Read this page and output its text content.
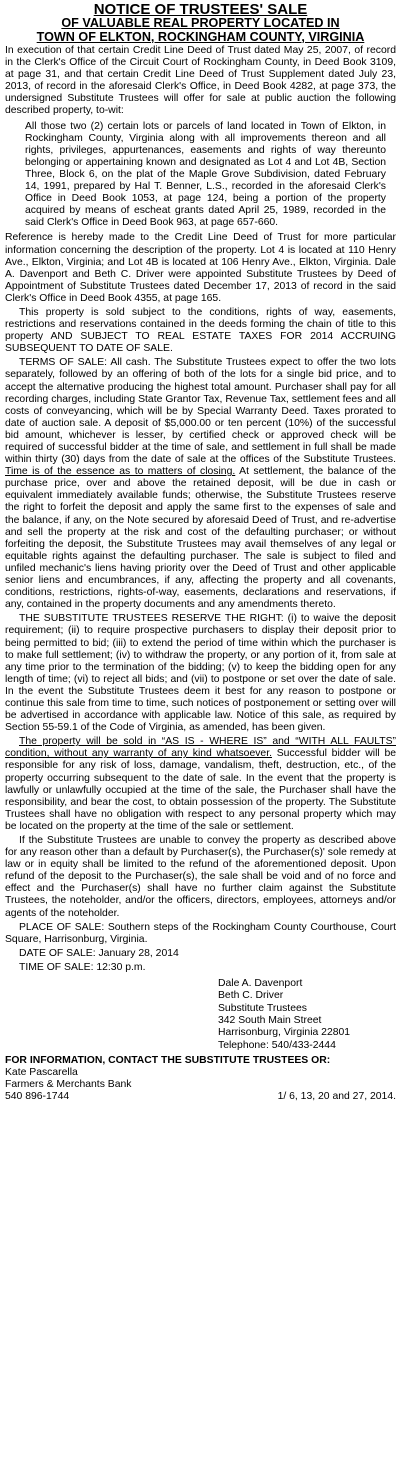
NOTICE OF TRUSTEES' SALE
OF VALUABLE REAL PROPERTY LOCATED IN
TOWN OF ELKTON, ROCKINGHAM COUNTY, VIRGINIA

In execution of that certain Credit Line Deed of Trust dated May 25, 2007, of record in the Clerk's Office of the Circuit Court of Rockingham County, in Deed Book 3109, at page 31, and that certain Credit Line Deed of Trust Supplement dated July 23, 2013, of record in the aforesaid Clerk's Office, in Deed Book 4282, at page 373, the undersigned Substitute Trustees will offer for sale at public auction the following described property, to-wit:

All those two (2) certain lots or parcels of land located in Town of Elkton, in Rockingham County, Virginia along with all improvements thereon and all rights, privileges, appurtenances, easements and rights of way thereunto belonging or appertaining known and designated as Lot 4 and Lot 4B, Section Three, Block 6, on the plat of the Maple Grove Subdivision, dated February 14, 1991, prepared by Hal T. Benner, L.S., recorded in the aforesaid Clerk's Office in Deed Book 1053, at page 124, being a portion of the property acquired by means of escheat grants dated April 25, 1989, recorded in the said Clerk's Office in Deed Book 963, at page 657-660.

Reference is hereby made to the Credit Line Deed of Trust for more particular information concerning the description of the property. Lot 4 is located at 110 Henry Ave., Elkton, Virginia; and Lot 4B is located at 106 Henry Ave., Elkton, Virginia. Dale A. Davenport and Beth C. Driver were appointed Substitute Trustees by Deed of Appointment of Substitute Trustees dated December 17, 2013 of record in the said Clerk's Office in Deed Book 4355, at page 165.

This property is sold subject to the conditions, rights of way, easements, restrictions and reservations contained in the deeds forming the chain of title to this property AND SUBJECT TO REAL ESTATE TAXES FOR 2014 ACCRUING SUBSEQUENT TO DATE OF SALE.

TERMS OF SALE: All cash. The Substitute Trustees expect to offer the two lots separately, followed by an offering of both of the lots for a single bid price, and to accept the alternative producing the highest total amount. Purchaser shall pay for all recording charges, including State Grantor Tax, Revenue Tax, settlement fees and all costs of conveyancing, which will be by Special Warranty Deed. Taxes prorated to date of auction sale. A deposit of $5,000.00 or ten percent (10%) of the successful bid amount, whichever is lesser, by certified check or approved check will be required of successful bidder at the time of sale, and settlement in full shall be made within thirty (30) days from the date of sale at the offices of the Substitute Trustees. Time is of the essence as to matters of closing. At settlement, the balance of the purchase price, over and above the retained deposit, will be due in cash or equivalent immediately available funds; otherwise, the Substitute Trustees reserve the right to forfeit the deposit and apply the same first to the expenses of sale and the balance, if any, on the Note secured by aforesaid Deed of Trust, and re-advertise and sell the property at the risk and cost of the defaulting purchaser; or without forfeiting the deposit, the Substitute Trustees may avail themselves of any legal or equitable rights against the defaulting purchaser. The sale is subject to filed and unfiled mechanic's liens having priority over the Deed of Trust and other applicable senior liens and encumbrances, if any, affecting the property and all covenants, conditions, restrictions, rights-of-way, easements, declarations and reservations, if any, contained in the property documents and any amendments thereto.

THE SUBSTITUTE TRUSTEES RESERVE THE RIGHT: (i) to waive the deposit requirement; (ii) to require prospective purchasers to display their deposit prior to being permitted to bid; (iii) to extend the period of time within which the purchaser is to make full settlement; (iv) to withdraw the property, or any portion of it, from sale at any time prior to the termination of the bidding; (v) to keep the bidding open for any length of time; (vi) to reject all bids; and (vii) to postpone or set over the date of sale. In the event the Substitute Trustees deem it best for any reason to postpone or continue this sale from time to time, such notices of postponement or setting over will be advertised in accordance with applicable law. Notice of this sale, as required by Section 55-59.1 of the Code of Virginia, as amended, has been given.

The property will be sold in “AS IS - WHERE IS” and “WITH ALL FAULTS” condition, without any warranty of any kind whatsoever. Successful bidder will be responsible for any risk of loss, damage, vandalism, theft, destruction, etc., of the property occurring subsequent to the date of sale. In the event that the property is lawfully or unlawfully occupied at the time of the sale, the Purchaser shall have the responsibility, and bear the cost, to obtain possession of the property. The Substitute Trustees shall have no obligation with respect to any personal property which may be located on the property at the time of the sale or settlement.

If the Substitute Trustees are unable to convey the property as described above for any reason other than a default by Purchaser(s), the Purchaser(s)' sole remedy at law or in equity shall be limited to the refund of the aforementioned deposit. Upon refund of the deposit to the Purchaser(s), the sale shall be void and of no force and effect and the Purchaser(s) shall have no further claim against the Substitute Trustees, the noteholder, and/or the officers, directors, employees, attorneys and/or agents of the noteholder.

PLACE OF SALE: Southern steps of the Rockingham County Courthouse, Court Square, Harrisonburg, Virginia.

DATE OF SALE: January 28, 2014

TIME OF SALE: 12:30 p.m.

Dale A. Davenport
Beth C. Driver
Substitute Trustees
342 South Main Street
Harrisonburg, Virginia 22801
Telephone: 540/433-2444
FOR INFORMATION, CONTACT THE SUBSTITUTE TRUSTEES OR:
Kate Pascarella
Farmers & Merchants Bank
540 896-1744	1/ 6, 13, 20 and 27, 2014.
